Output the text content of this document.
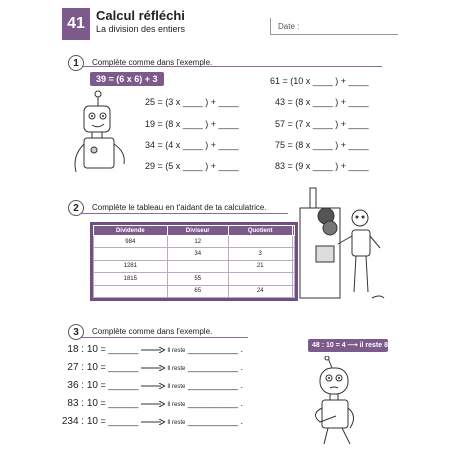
41 Calcul réfléchi
La division des entiers	Date :
1	Complète comme dans l'exemple.
39 = (6 x 6) + 3
25 = (3 x ____ ) + ____
19 = (8 x ____ ) + ____
34 = (4 x ____ ) + ____
29 = (5 x ____ ) + ____
61 = (10 x ____ ) + ____
43 = (8 x ____ ) + ____
57 = (7 x ____ ) + ____
75 = (8 x ____ ) + ____
83 = (9 x ____ ) + ____
2	Complète le tableau en t'aidant de ta calculatrice.
Dividende	Diviseur	Quotient	
984	12		
	34	3	
1281		21	
1815	55		
	65	24	
3	Complète comme dans l'exemple.
48 : 10 = 4 ⟶ il reste 8.
18 : 10 = ______	Il reste __________ .
27 : 10 = ______	Il reste __________ .
36 : 10 = ______	Il reste __________ .
83 : 10 = ______	Il reste __________ .
234 : 10 = ______	Il reste __________ .
